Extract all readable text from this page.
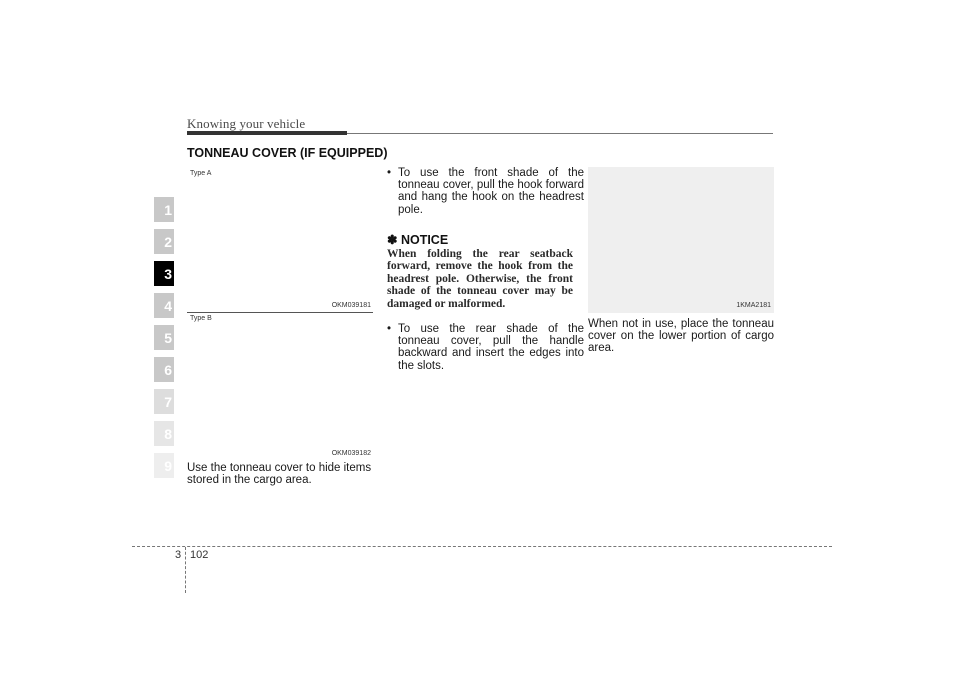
Knowing your vehicle
TONNEAU COVER (IF EQUIPPED)
1
2
3
4
5
6
7
8
9
Type A
OKM039181
Type B
OKM039182
Use the tonneau cover to hide items stored in the cargo area.
• To use the front shade of the tonneau cover, pull the hook forward and hang the hook on the headrest pole.
✽ NOTICE
When folding the rear seatback forward, remove the hook from the headrest pole. Otherwise, the front shade of the tonneau cover may be damaged or malformed.
• To use the rear shade of the tonneau cover, pull the handle backward and insert the edges into the slots.
1KMA2181
When not in use, place the tonneau cover on the lower portion of cargo area.
3 102
